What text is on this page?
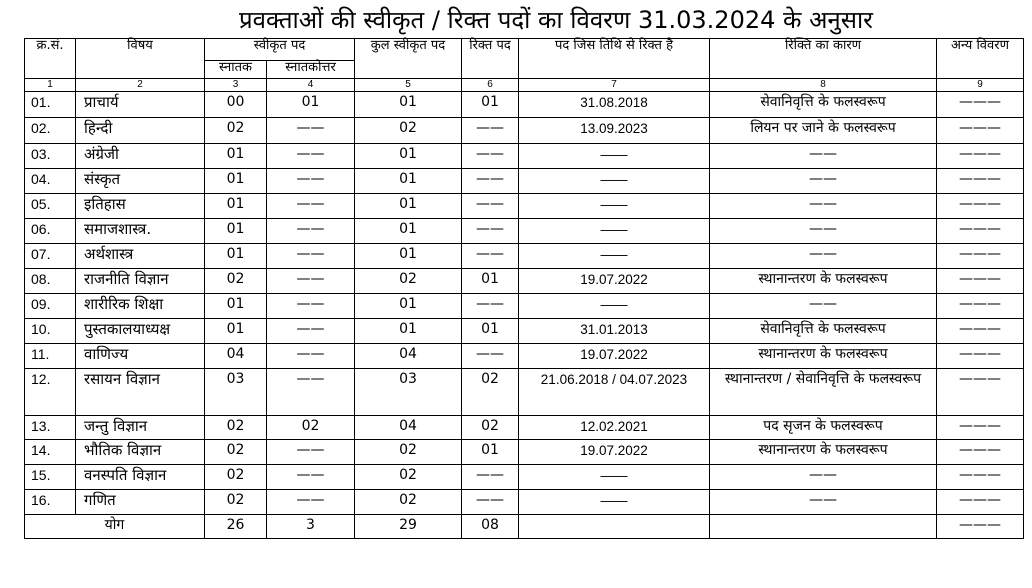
प्रवक्ताओं की स्वीकृत / रिक्त पदों का विवरण 31.03.2024 के अनुसार
क्र.सं.	विषय	स्वीकृत पद		कुल स्वीकृत पद	रिक्त पद	पद जिस तिथि से रिक्त है	रिक्ति का कारण	अन्य विवरण
		स्नातक	स्नातकोत्तर					
1	2	3	4	5	6	7	8	9
01.	प्राचार्य	00	01	01	01	31.08.2018	सेवानिवृत्ति के फलस्वरूप	———
02.	हिन्दी	02	——	02	——	13.09.2023	लियन पर जाने के फलस्वरूप	———
03.	अंग्रेजी	01	——	01	——	——	——	———
04.	संस्कृत	01	——	01	——	——	——	———
05.	इतिहास	01	——	01	——	——	——	———
06.	समाजशास्त्र.	01	——	01	——	——	——	———
07.	अर्थशास्त्र	01	——	01	——	——	——	———
08.	राजनीति विज्ञान	02	——	02	01	19.07.2022	स्थानान्तरण के फलस्वरूप	———
09.	शारीरिक शिक्षा	01	——	01	——	——	——	———
10.	पुस्तकालयाध्यक्ष	01	——	01	01	31.01.2013	सेवानिवृत्ति के फलस्वरूप	———
11.	वाणिज्य	04	——	04	——	19.07.2022	स्थानान्तरण के फलस्वरूप	———
12.	रसायन विज्ञान	03	——	03	02	21.06.2018 / 04.07.2023	स्थानान्तरण / सेवानिवृत्ति के फलस्वरूप	———
13.	जन्तु विज्ञान	02	02	04	02	12.02.2021	पद सृजन के फलस्वरूप	———
14.	भौतिक विज्ञान	02	——	02	01	19.07.2022	स्थानान्तरण के फलस्वरूप	———
15.	वनस्पति विज्ञान	02	——	02	——	——	——	———
16.	गणित	02	——	02	——	——	——	———
योग		26	3	29	08			———
